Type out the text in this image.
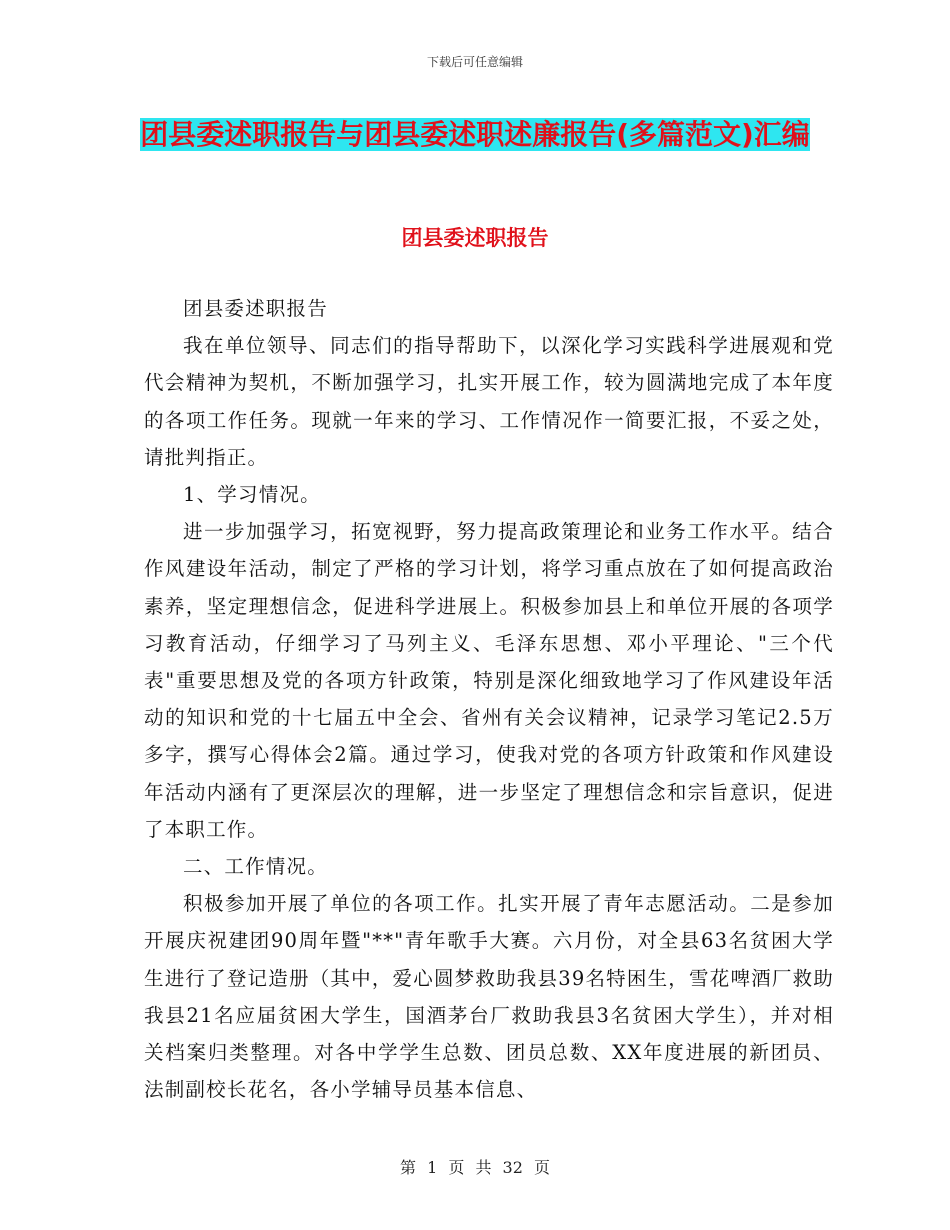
下载后可任意编辑
团县委述职报告与团县委述职述廉报告(多篇范文)汇编
团县委述职报告

团县委述职报告

我在单位领导、同志们的指导帮助下，以深化学习实践科学进展观和党代会精神为契机，不断加强学习，扎实开展工作，较为圆满地完成了本年度的各项工作任务。现就一年来的学习、工作情况作一简要汇报，不妥之处，请批判指正。

1、学习情况。

进一步加强学习，拓宽视野，努力提高政策理论和业务工作水平。结合作风建设年活动，制定了严格的学习计划，将学习重点放在了如何提高政治素养，坚定理想信念，促进科学进展上。积极参加县上和单位开展的各项学习教育活动，仔细学习了马列主义、毛泽东思想、邓小平理论、"三个代表"重要思想及党的各项方针政策，特别是深化细致地学习了作风建设年活动的知识和党的十七届五中全会、省州有关会议精神，记录学习笔记2.5万多字，撰写心得体会2篇。通过学习，使我对党的各项方针政策和作风建设年活动内涵有了更深层次的理解，进一步坚定了理想信念和宗旨意识，促进了本职工作。

二、工作情况。

积极参加开展了单位的各项工作。扎实开展了青年志愿活动。二是参加开展庆祝建团90周年暨"**"青年歌手大赛。六月份，对全县63名贫困大学生进行了登记造册（其中，爱心圆梦救助我县39名特困生，雪花啤酒厂救助我县21名应届贫困大学生，国酒茅台厂救助我县3名贫困大学生），并对相关档案归类整理。对各中学学生总数、团员总数、XX年度进展的新团员、法制副校长花名，各小学辅导员基本信息、

第 1 页 共 32 页
